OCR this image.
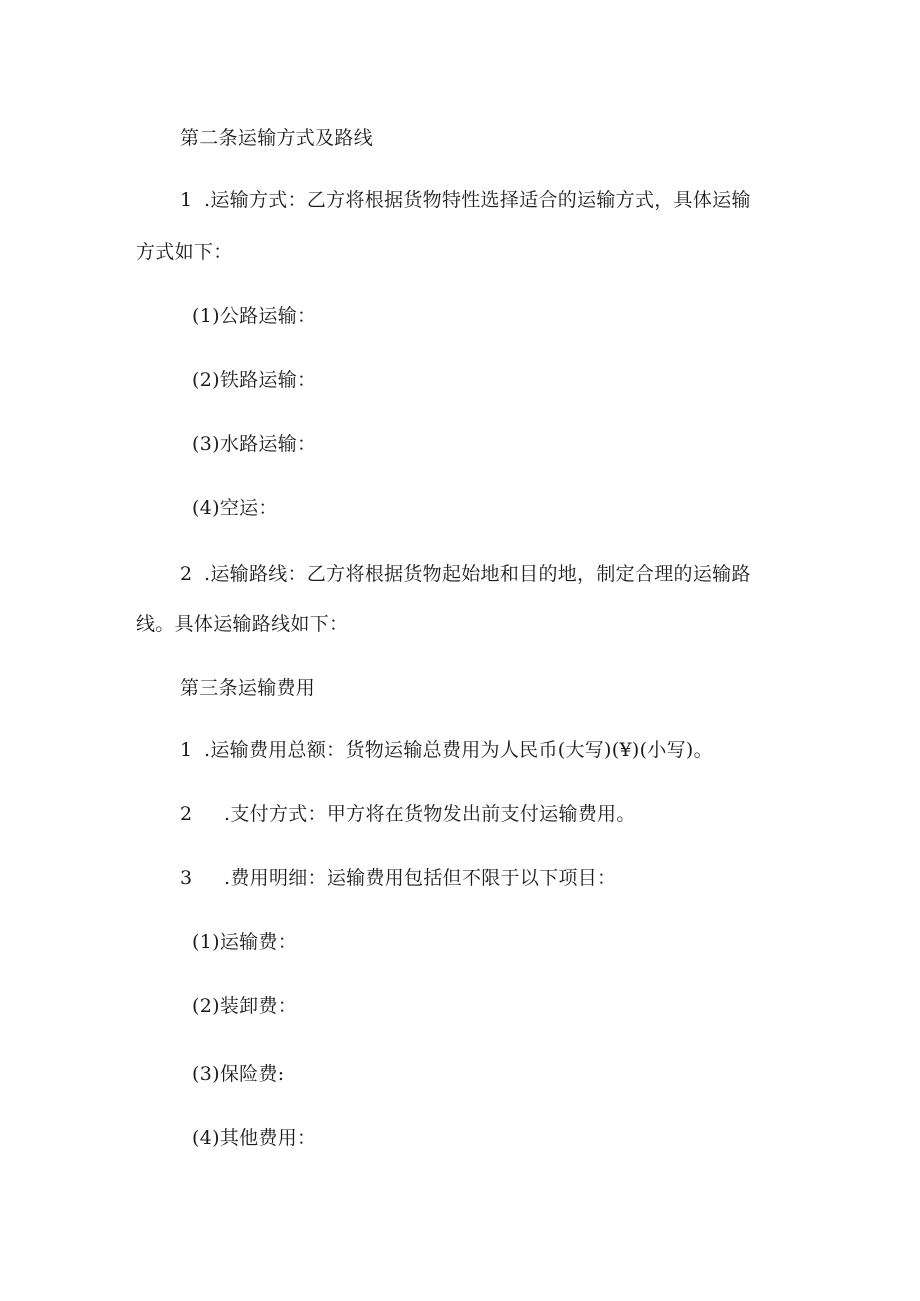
第二条运输方式及路线
1 .运输方式：乙方将根据货物特性选择适合的运输方式，具体运输
方式如下：
(1)公路运输：
(2)铁路运输：
(3)水路运输：
(4)空运：
2 .运输路线：乙方将根据货物起始地和目的地，制定合理的运输路
线。具体运输路线如下：
第三条运输费用
1 .运输费用总额：货物运输总费用为人民币(大写)(¥)(小写)。
2 .支付方式：甲方将在货物发出前支付运输费用。
3 .费用明细：运输费用包括但不限于以下项目：
(1)运输费：
(2)装卸费：
(3)保险费:
(4)其他费用：
